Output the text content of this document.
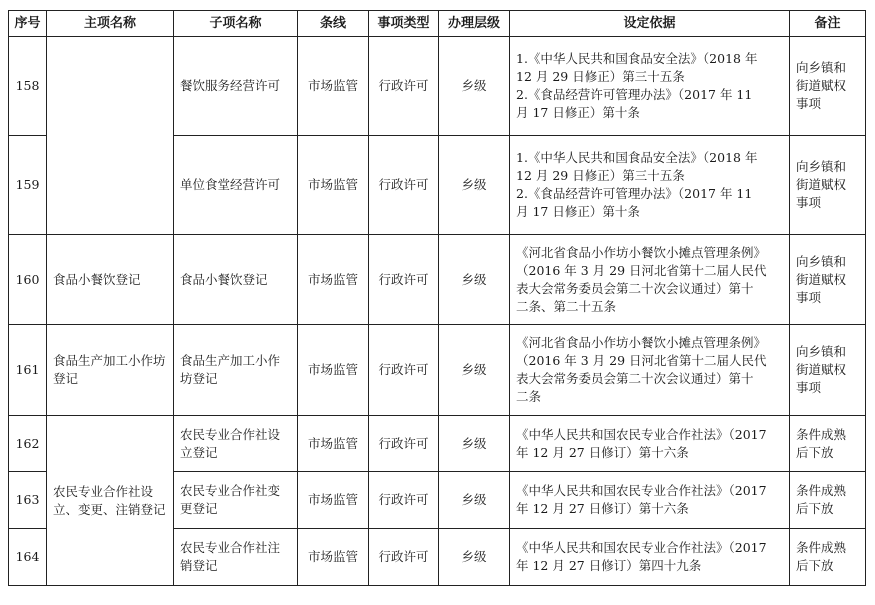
序号	主项名称	子项名称	条线	事项类型	办理层级	设定依据	备注
158		餐饮服务经营许可	市场监管	行政许可	乡级	1.《中华人民共和国食品安全法》（2018 年
12 月 29 日修正）第三十五条
2.《食品经营许可管理办法》（2017 年 11
月 17 日修正）第十条	向乡镇和
街道赋权
事项

159		单位食堂经营许可	市场监管	行政许可	乡级	1.《中华人民共和国食品安全法》（2018 年
12 月 29 日修正）第三十五条
2.《食品经营许可管理办法》（2017 年 11
月 17 日修正）第十条	向乡镇和
街道赋权
事项

160	食品小餐饮登记	食品小餐饮登记	市场监管	行政许可	乡级	《河北省食品小作坊小餐饮小摊点管理条例》
（2016 年 3 月 29 日河北省第十二届人民代
表大会常务委员会第二十次会议通过）第十
二条、第二十五条	向乡镇和
街道赋权
事项

161	食品生产加工小作坊登记	食品生产加工小作坊登记	市场监管	行政许可	乡级	《河北省食品小作坊小餐饮小摊点管理条例》
（2016 年 3 月 29 日河北省第十二届人民代
表大会常务委员会第二十次会议通过）第十
二条	向乡镇和
街道赋权
事项

162	农民专业合作社设立、变更、注销登记	农民专业合作社设立登记	市场监管	行政许可	乡级	《中华人民共和国农民专业合作社法》（2017
年 12 月 27 日修订）第十六条	条件成熟
后下放

163		农民专业合作社变更登记	市场监管	行政许可	乡级	《中华人民共和国农民专业合作社法》（2017
年 12 月 27 日修订）第十六条	条件成熟
后下放

164		农民专业合作社注销登记	市场监管	行政许可	乡级	《中华人民共和国农民专业合作社法》（2017
年 12 月 27 日修订）第四十九条	条件成熟
后下放
